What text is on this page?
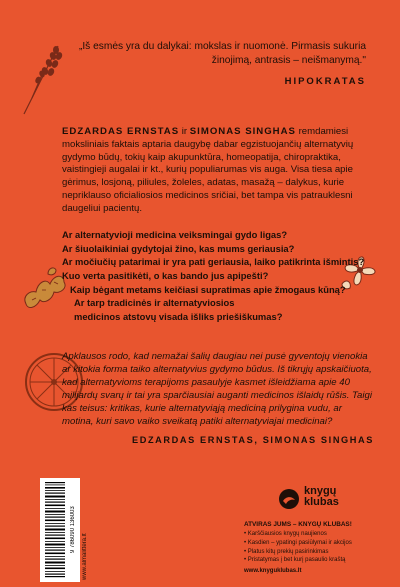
„Iš esmės yra du dalykai: mokslas ir nuomonė. Pirmasis sukuria žinojimą, antrasis – neišmanymą."
HIPOKRATAS
EDZARDAS ERNSTAS ir SIMONAS SINGHAS remdamiesi moksliniais faktais aptaria daugybę dabar egzistuojančių alternatyvių gydymo būdų, tokių kaip akupunktūra, homeopatija, chiropraktika, vaistingieji augalai ir kt., kurių populiarumas vis auga. Visa tiesa apie gėrimus, losjoną, piliules, žoleles, adatas, masažą – dalykus, kurie nepriklauso oficialiosios medicinos sričiai, bet tampa vis patrauklesni daugeliui pacientų.
Ar alternatyvioji medicina veiksmingai gydo ligas?
Ar šiuolaikiniai gydytojai žino, kas mums geriausia?
Ar močiučių patarimai ir yra pati geriausia, laiko patikrinta išmintis?
Kuo verta pasitikėti, o kas bando jus apipešti?
Kaip bėgant metams keičiasi supratimas apie žmogaus kūną?
Ar tarp tradicinės ir alternatyviosios
medicinos atstovų visada išliks priešiškumas?
Apklausos rodo, kad nemažai šalių daugiau nei pusė gyventojų vienokia ar kitokia forma taiko alternatyvius gydymo būdus. Iš tikrųjų apskaičiuota, kad alternatyvioms terapijoms pasaulyje kasmet išleidžiama apie 40 milijardų svarų ir tai yra sparčiausiai auganti medicinos išlaidų rūšis. Taigi kas teisus: kritikas, kurie alternatyviąją mediciną prilygina vudu, ar motina, kuri savo vaiko sveikatą patiki alternatyviajai medicinai?
EDZARDAS ERNSTAS, SIMONAS SINGHAS
9 786090 136003
www.almalittera.lt
knygų
klubas
ATVIRAS JUMS – KNYGŲ KLUBAS!
• Karščiausios knygų naujienos
• Kasdien – ypatingi pasiūlymai ir akcijos
• Platus kitų prekių pasirinkimas
• Pristatymas į bet kurį pasaulio kraštą
www.knyguklubas.lt
